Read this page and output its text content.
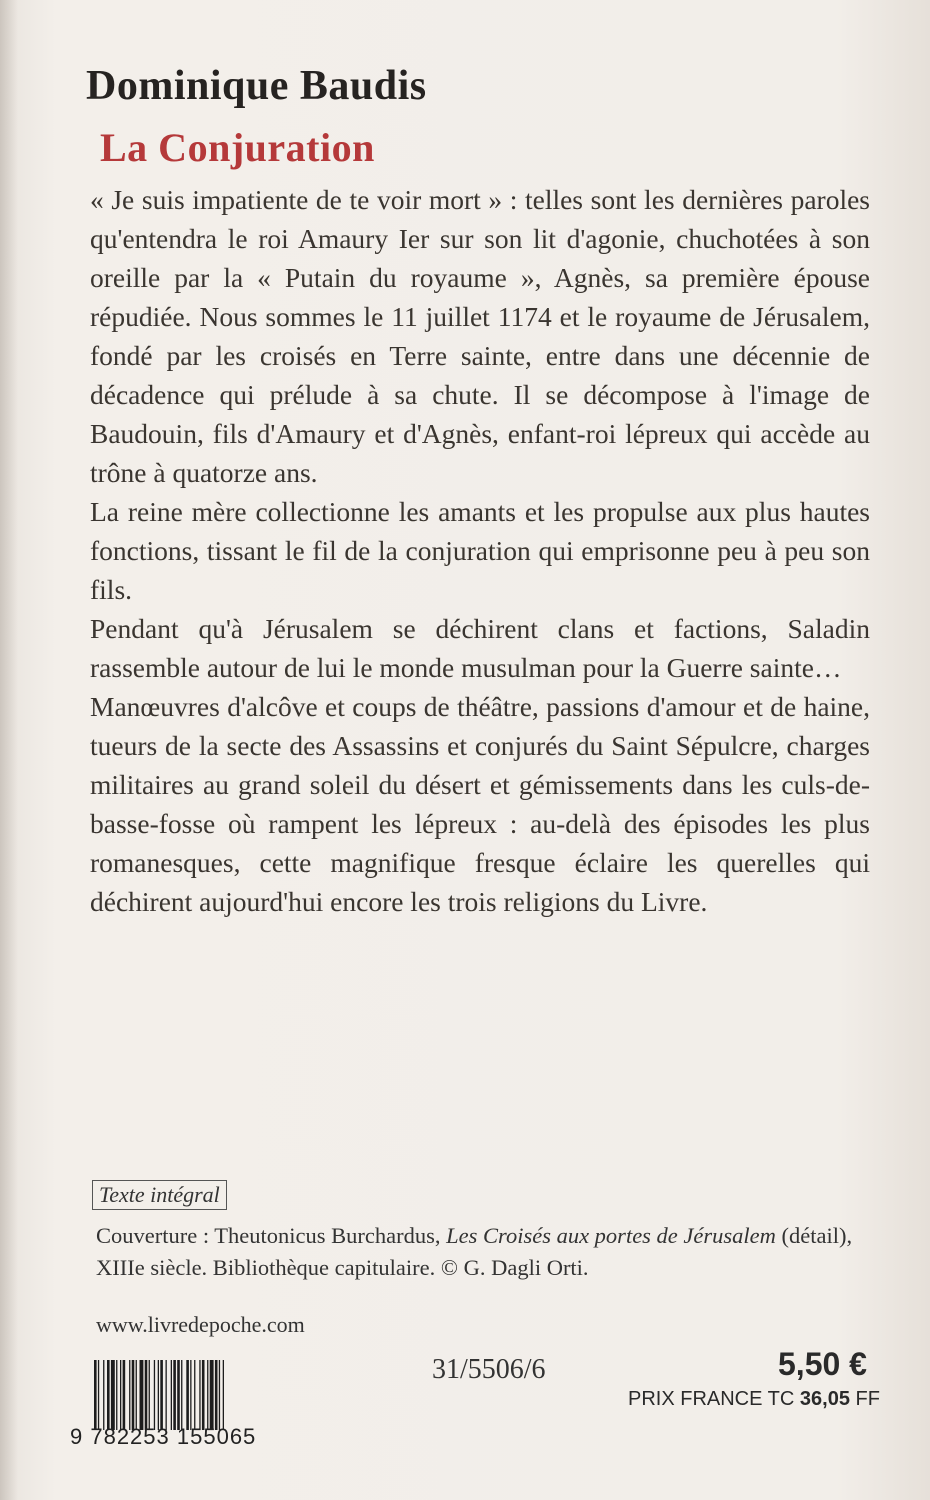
Dominique Baudis
La Conjuration

« Je suis impatiente de te voir mort » : telles sont les dernières paroles qu'entendra le roi Amaury Ier sur son lit d'agonie, chuchotées à son oreille par la « Putain du royaume », Agnès, sa première épouse répudiée. Nous sommes le 11 juillet 1174 et le royaume de Jérusalem, fondé par les croisés en Terre sainte, entre dans une décennie de décadence qui prélude à sa chute. Il se décompose à l'image de Baudouin, fils d'Amaury et d'Agnès, enfant-roi lépreux qui accède au trône à quatorze ans.

La reine mère collectionne les amants et les propulse aux plus hautes fonctions, tissant le fil de la conjuration qui emprisonne peu à peu son fils.

Pendant qu'à Jérusalem se déchirent clans et factions, Saladin rassemble autour de lui le monde musulman pour la Guerre sainte…

Manœuvres d'alcôve et coups de théâtre, passions d'amour et de haine, tueurs de la secte des Assassins et conjurés du Saint Sépulcre, charges militaires au grand soleil du désert et gémissements dans les culs-de-basse-fosse où rampent les lépreux : au-delà des épisodes les plus romanesques, cette magnifique fresque éclaire les querelles qui déchirent aujourd'hui encore les trois religions du Livre.

Texte intégral
Couverture : Theutonicus Burchardus, Les Croisés aux portes de Jérusalem (détail), XIIIe siècle. Bibliothèque capitulaire. © G. Dagli Orti.
www.livredepoche.com
9 782253 155065
31/5506/6	5,50 €
PRIX FRANCE TC 36,05 FF
